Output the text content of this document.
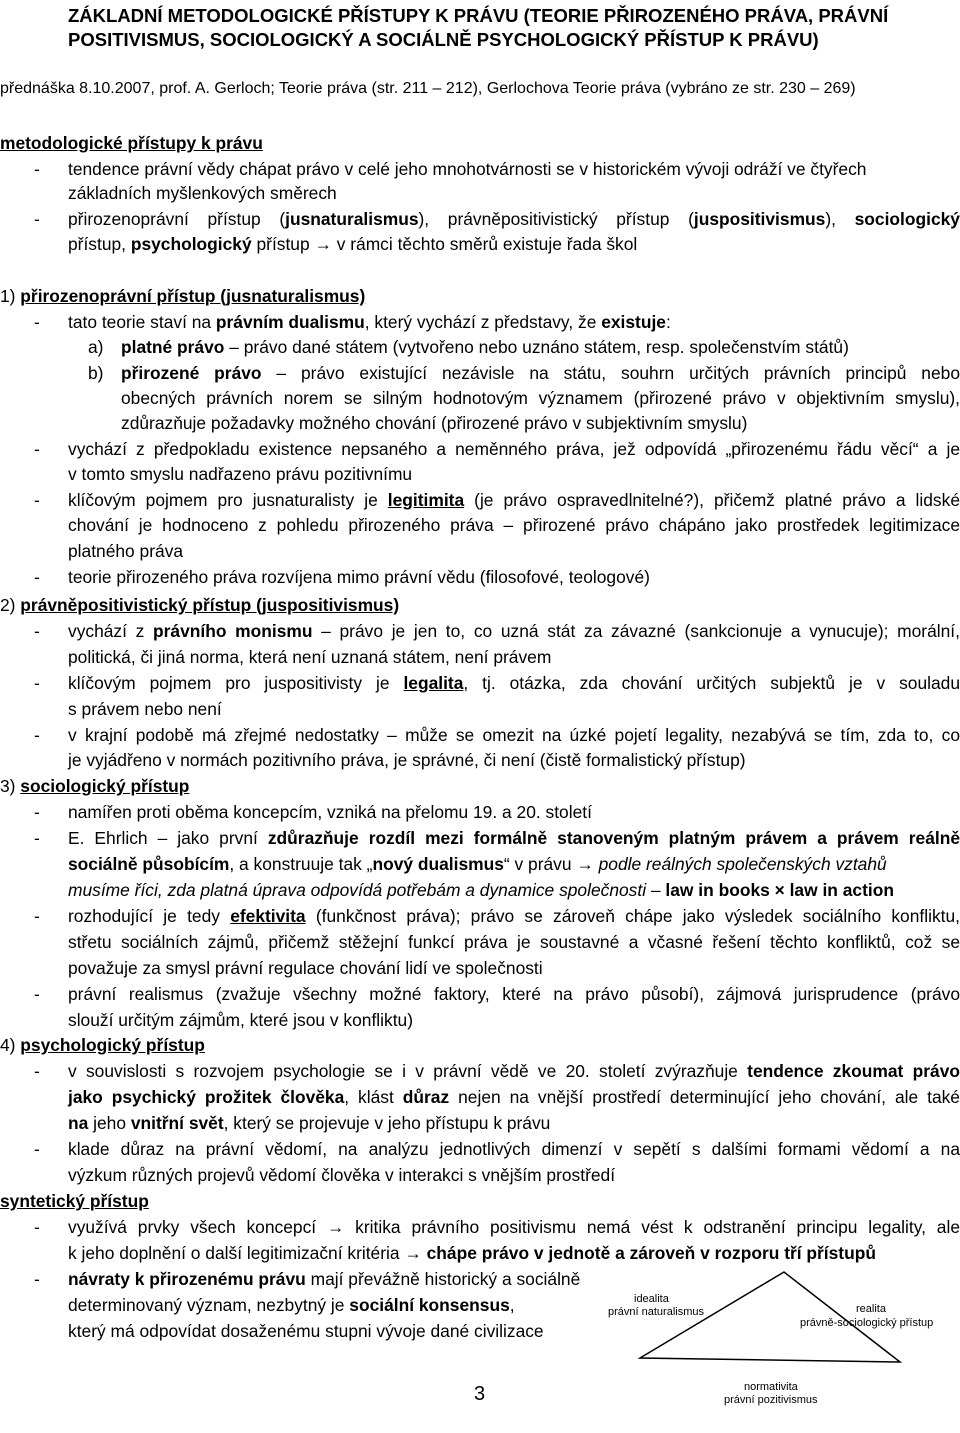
ZÁKLADNÍ METODOLOGICKÉ PŘÍSTUPY K PRÁVU (TEORIE PŘIROZENÉHO PRÁVA, PRÁVNÍ
POSITIVISMUS, SOCIOLOGICKÝ A SOCIÁLNĚ PSYCHOLOGICKÝ PŘÍSTUP K PRÁVU)
přednáška 8.10.2007, prof. A. Gerloch; Teorie práva (str. 211 – 212), Gerlochova Teorie práva (vybráno ze str. 230 – 269)
metodologické přístupy k právu
- tendence právní vědy chápat právo v celé jeho mnohotvárnosti se v historickém vývoji odráží ve čtyřech
základních myšlenkových směrech
- přirozenoprávní přístup (jusnaturalismus), právněpositivistický přístup (juspositivismus), sociologický
přístup, psychologický přístup → v rámci těchto směrů existuje řada škol
1) přirozenoprávní přístup (jusnaturalismus)
- tato teorie staví na právním dualismu, který vychází z představy, že existuje:
a) platné právo – právo dané státem (vytvořeno nebo uznáno státem, resp. společenstvím států)
b) přirozené právo – právo existující nezávisle na státu, souhrn určitých právních principů nebo
obecných právních norem se silným hodnotovým významem (přirozené právo v objektivním smyslu),
zdůrazňuje požadavky možného chování (přirozené právo v subjektivním smyslu)
- vychází z předpokladu existence nepsaného a neměnného práva, jež odpovídá „přirozenému řádu věcí“ a je
v tomto smyslu nadřazeno právu pozitivnímu
- klíčovým pojmem pro jusnaturalisty je legitimita (je právo ospravedlnitelné?), přičemž platné právo a lidské
chování je hodnoceno z pohledu přirozeného práva – přirozené právo chápáno jako prostředek legitimizace
platného práva
- teorie přirozeného práva rozvíjena mimo právní vědu (filosofové, teologové)
2) právněpositivistický přístup (juspositivismus)
- vychází z právního monismu – právo je jen to, co uzná stát za závazné (sankcionuje a vynucuje); morální,
politická, či jiná norma, která není uznaná státem, není právem
- klíčovým pojmem pro juspositivisty je legalita, tj. otázka, zda chování určitých subjektů je v souladu
s právem nebo není
- v krajní podobě má zřejmé nedostatky – může se omezit na úzké pojetí legality, nezabývá se tím, zda to, co
je vyjádřeno v normách pozitivního práva, je správné, či není (čistě formalistický přístup)
3) sociologický přístup
- namířen proti oběma koncepcím, vzniká na přelomu 19. a 20. století
- E. Ehrlich – jako první zdůrazňuje rozdíl mezi formálně stanoveným platným právem a právem reálně
sociálně působícím, a konstruuje tak „nový dualismus“ v právu → podle reálných společenských vztahů
musíme říci, zda platná úprava odpovídá potřebám a dynamice společnosti – law in books × law in action
- rozhodující je tedy efektivita (funkčnost práva); právo se zároveň chápe jako výsledek sociálního konfliktu,
střetu sociálních zájmů, přičemž stěžejní funkcí práva je soustavné a včasné řešení těchto konfliktů, což se
považuje za smysl právní regulace chování lidí ve společnosti
- právní realismus (zvažuje všechny možné faktory, které na právo působí), zájmová jurisprudence (právo
slouží určitým zájmům, které jsou v konfliktu)
4) psychologický přístup
- v souvislosti s rozvojem psychologie se i v právní vědě ve 20. století zvýrazňuje tendence zkoumat právo
jako psychický prožitek člověka, klást důraz nejen na vnější prostředí determinující jeho chování, ale také
na jeho vnitřní svět, který se projevuje v jeho přístupu k právu
- klade důraz na právní vědomí, na analýzu jednotlivých dimenzí v sepětí s dalšími formami vědomí a na
výzkum různých projevů vědomí člověka v interakci s vnějším prostředí
syntetický přístup
- využívá prvky všech koncepcí → kritika právního positivismu nemá vést k odstranění principu legality, ale
k jeho doplnění o další legitimizační kritéria → chápe právo v jednotě a zároveň v rozporu tří přístupů
- návraty k přirozenému právu mají převážně historický a sociálně
determinovaný význam, nezbytný je sociální konsensus,
který má odpovídat dosaženému stupni vývoje dané civilizace
idealita
právní naturalismus	realita
právně-sociologický přístup
normativita
právní pozitivismus
3
